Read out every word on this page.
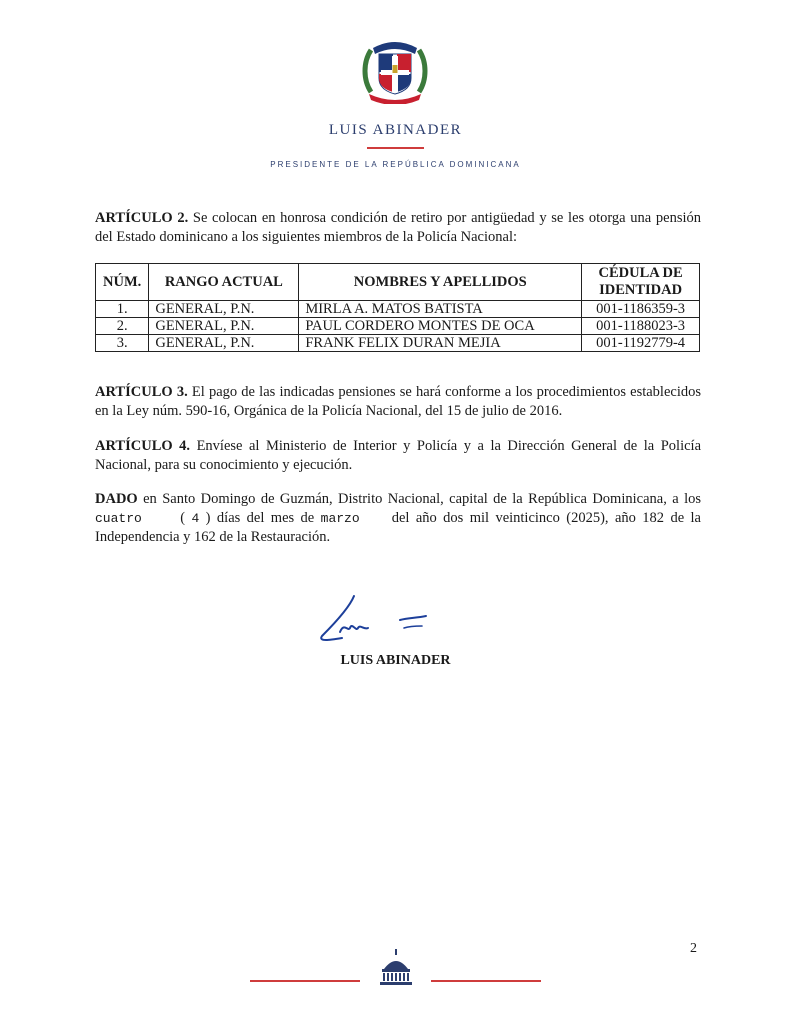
LUIS ABINADER
PRESIDENTE DE LA REPÚBLICA DOMINICANA
ARTÍCULO 2. Se colocan en honrosa condición de retiro por antigüedad y se les otorga una pensión del Estado dominicano a los siguientes miembros de la Policía Nacional:
NÚM.	RANGO ACTUAL	NOMBRES Y APELLIDOS	CÉDULA DE IDENTIDAD
1.	GENERAL, P.N.	MIRLA A. MATOS BATISTA	001-1186359-3
2.	GENERAL, P.N.	PAUL CORDERO MONTES DE OCA	001-1188023-3
3.	GENERAL, P.N.	FRANK FELIX DURAN MEJIA	001-1192779-4
ARTÍCULO 3. El pago de las indicadas pensiones se hará conforme a los procedimientos establecidos en la Ley núm. 590-16, Orgánica de la Policía Nacional, del 15 de julio de 2016.
ARTÍCULO 4. Envíese al Ministerio de Interior y Policía y a la Dirección General de la Policía Nacional, para su conocimiento y ejecución.
DADO en Santo Domingo de Guzmán, Distrito Nacional, capital de la República Dominicana, a los cuatro      ( 4 ) días del mes de marzo     del año dos mil veinticinco (2025), año 182 de la Independencia y 162 de la Restauración.
LUIS ABINADER
2
